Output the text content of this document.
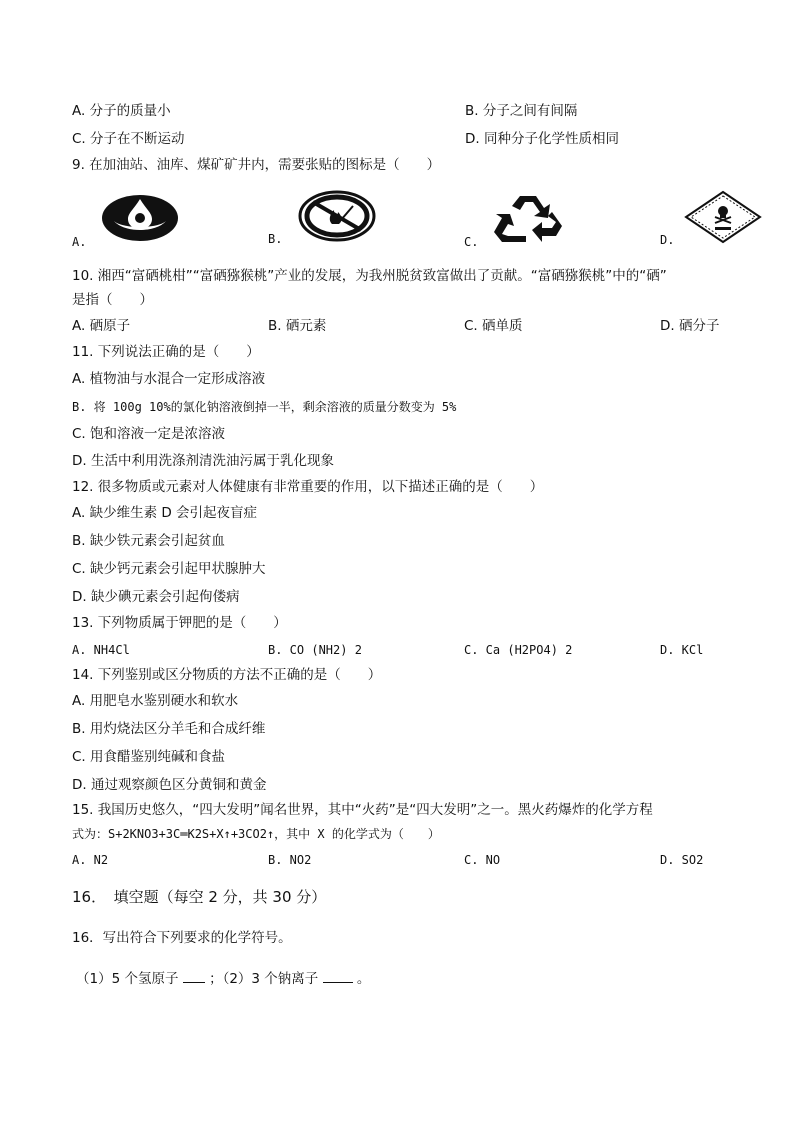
A. 分子的质量小	B. 分子之间有间隔
C. 分子在不断运动	D. 同种分子化学性质相同
9. 在加油站、油库、煤矿矿井内，需要张贴的图标是（　　）
A.	B.	C.	D.
10. 湘西“富硒桃柑”“富硒猕猴桃”产业的发展，为我州脱贫致富做出了贡献。“富硒猕猴桃”中的“硒”
是指（　　）
A. 硒原子	B. 硒元素	C. 硒单质	D. 硒分子
11. 下列说法正确的是（　　）
A. 植物油与水混合一定形成溶液
B. 将 100g 10%的氯化钠溶液倒掉一半，剩余溶液的质量分数变为 5%
C. 饱和溶液一定是浓溶液
D. 生活中利用洗涤剂清洗油污属于乳化现象
12. 很多物质或元素对人体健康有非常重要的作用，以下描述正确的是（　　）
A. 缺少维生素 D 会引起夜盲症
B. 缺少铁元素会引起贫血
C. 缺少钙元素会引起甲状腺肿大
D. 缺少碘元素会引起佝偻病
13. 下列物质属于钾肥的是（　　）
A. NH4Cl	B. CO (NH2) 2	C. Ca (H2PO4) 2	D. KCl
14. 下列鉴别或区分物质的方法不正确的是（　　）
A. 用肥皂水鉴别硬水和软水
B. 用灼烧法区分羊毛和合成纤维
C. 用食醋鉴别纯碱和食盐
D. 通过观察颜色区分黄铜和黄金
15. 我国历史悠久，“四大发明”闻名世界，其中“火药”是“四大发明”之一。黑火药爆炸的化学方程
式为：S+2KNO3+3C═K2S+X↑+3CO2↑，其中 X 的化学式为（　　）
A. N2	B. NO2	C. NO	D. SO2
16．　填空题（每空 2 分，共 30 分）
16．写出符合下列要求的化学符号。
（1）5 个氢原子 ；（2）3 个钠离子	。
